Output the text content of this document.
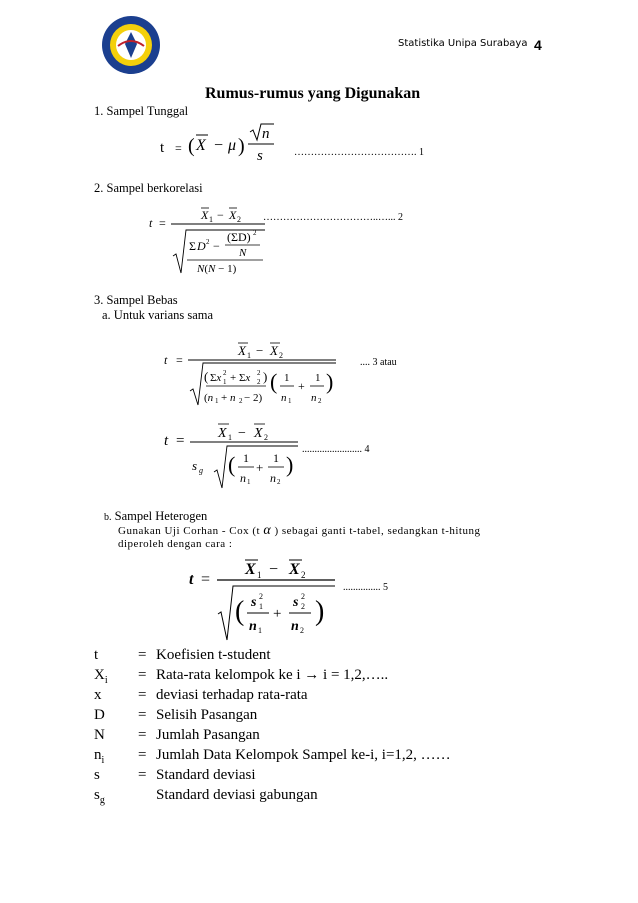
Statistika Unipa Surabaya 4
Rumus-rumus yang Digunakan
1. Sampel Tunggal
t = ( X − μ )
n
s	………………………………. 1
2. Sampel berkorelasi
t =
X 1 − X 2
Σ D 2 −
(ΣD) 2
N
N(N − 1)
……………………………..…... 2
3. Sampel Bebas
a. Untuk varians sama
t =
X 1 − X 2
( Σx 2
1 + Σx 2
2 )
(n 1 + n 2 − 2)
( 1
n 1
+
1
n 2
)
.... 3 atau
t = X 1 − X 2
s g ( 1
n 1
+
1
n 2
)
........................ 4
b. Sampel Heterogen
Gunakan Uji Corhan - Cox (t α ) sebagai ganti t-tabel, sedangkan t-hitung
diperoleh dengan cara :
t =
X 1 − X 2
( s 2
1
n 1
+
s 2
2
n 2
)
............... 5
t	= Koefisien t-student
$X_i$ = Rata-rata kelompok ke i → i = 1,2,…..
x = deviasi terhadap rata-rata
D = Selisih Pasangan
N = Jumlah Pasangan
$n_i$ = Jumlah Data Kelompok Sampel ke-i, i=1,2, ……
s	= Standard deviasi
$s_g$	Standard deviasi gabungan
